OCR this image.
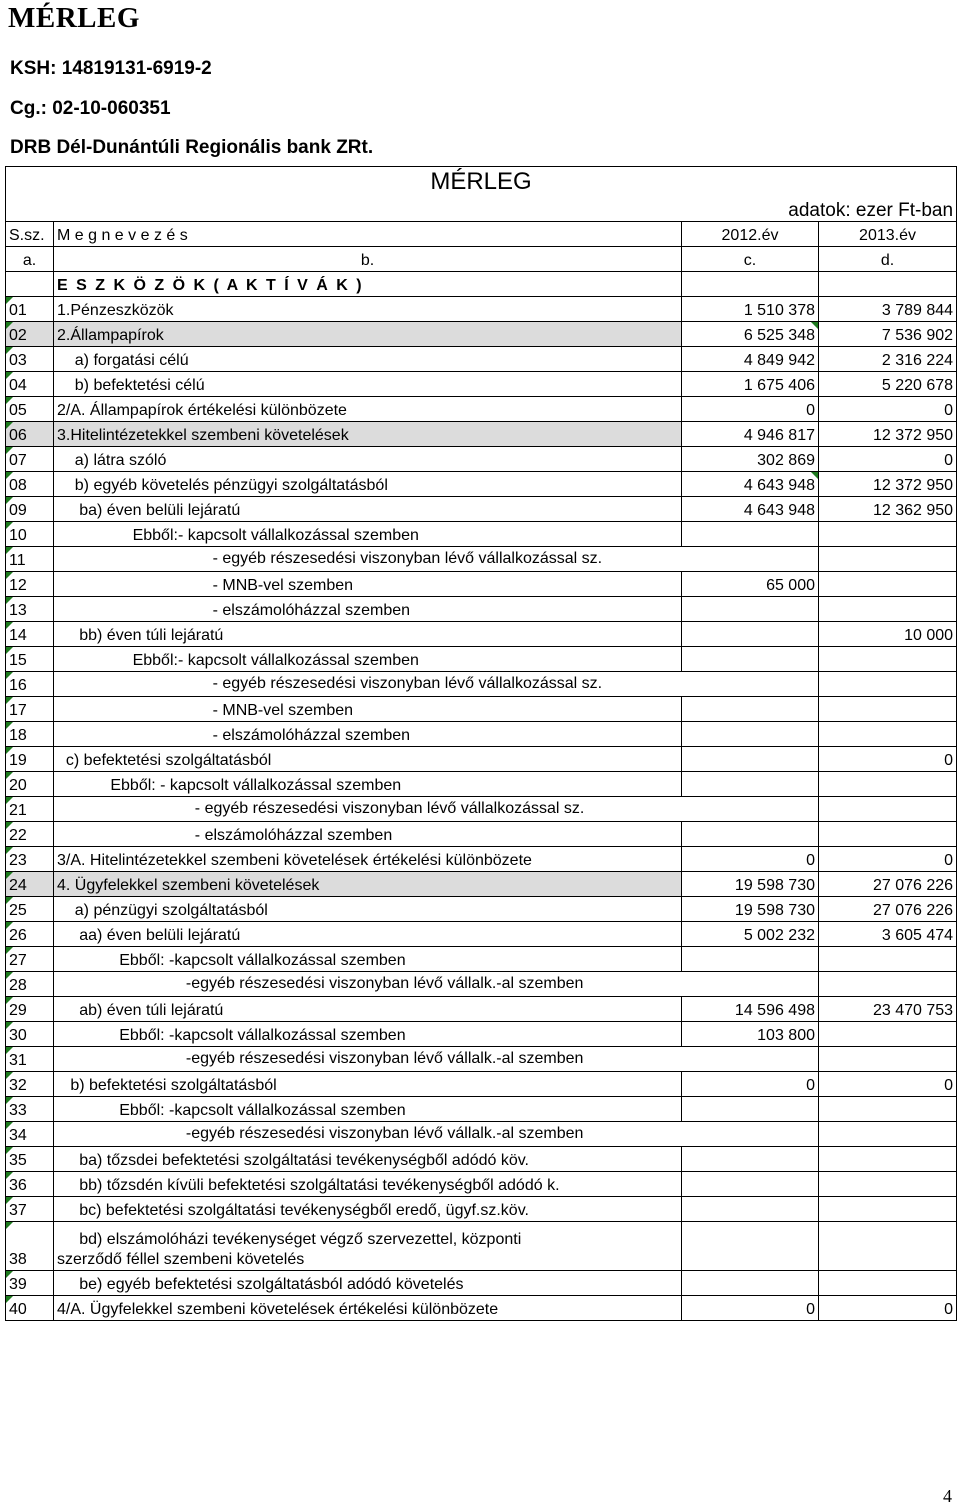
MÉRLEG
KSH: 14819131-6919-2
Cg.: 02-10-060351
DRB Dél-Dunántúli Regionális bank ZRt.
MÉRLEG			
adatok: ezer Ft-ban			
S.sz.	M e g n e v e z é s	2012.év	2013.év
a.	b.	c.	d.
	E S Z K Ö Z Ö K ( A K T Í V Á K )		
01	1.Pénzeszközök	1 510 378	3 789 844
02	2.Állampapírok	6 525 348	7 536 902
03	a) forgatási célú	4 849 942	2 316 224
04	b) befektetési célú	1 675 406	5 220 678
05	2/A. Állampapírok értékelési különbözete	0	0
06	3.Hitelintézetekkel szembeni követelések	4 946 817	12 372 950
07	a) látra szóló	302 869	0
08	b) egyéb követelés pénzügyi szolgáltatásból	4 643 948	12 372 950
09	ba) éven belüli lejáratú	4 643 948	12 362 950
10	Ebből:- kapcsolt vállalkozással szemben		
11	- egyéb részesedési viszonyban lévő vállalkozással sz.		

12	- MNB-vel szemben	65 000	
13	- elszámolóházzal szemben		
14	bb) éven túli lejáratú		10 000
15	Ebből:- kapcsolt vállalkozással szemben		
16	- egyéb részesedési viszonyban lévő vállalkozással sz.		

17	- MNB-vel szemben		
18	- elszámolóházzal szemben		
19	c) befektetési szolgáltatásból		0
20	Ebből: - kapcsolt vállalkozással szemben		
21	- egyéb részesedési viszonyban lévő vállalkozással sz.		

22	- elszámolóházzal szemben		
23	3/A. Hitelintézetekkel szembeni követelések értékelési különbözete	0	0
24	4. Ügyfelekkel szembeni követelések	19 598 730	27 076 226
25	a) pénzügyi szolgáltatásból	19 598 730	27 076 226
26	aa) éven belüli lejáratú	5 002 232	3 605 474
27	Ebből: -kapcsolt vállalkozással szemben		
28	-egyéb részesedési viszonyban lévő vállalk.-al szemben		

29	ab) éven túli lejáratú	14 596 498	23 470 753
30	Ebből: -kapcsolt vállalkozással szemben	103 800	
31	-egyéb részesedési viszonyban lévő vállalk.-al szemben		

32	b) befektetési szolgáltatásból	0	0
33	Ebből: -kapcsolt vállalkozással szemben		
34	-egyéb részesedési viszonyban lévő vállalk.-al szemben		

35	ba) tőzsdei befektetési szolgáltatási tevékenységből adódó köv.		
36	bb) tőzsdén kívüli befektetési szolgáltatási tevékenységből adódó k.		
37	bc) befektetési szolgáltatási tevékenységből eredő, ügyf.sz.köv.		
38	bd) elszámolóházi tevékenységet végző szervezettel, központi
szerződő féllel szembeni követelés		

39	be) egyéb befektetési szolgáltatásból adódó követelés		
40	4/A. Ügyfelekkel szembeni követelések értékelési különbözete	0	0
4
